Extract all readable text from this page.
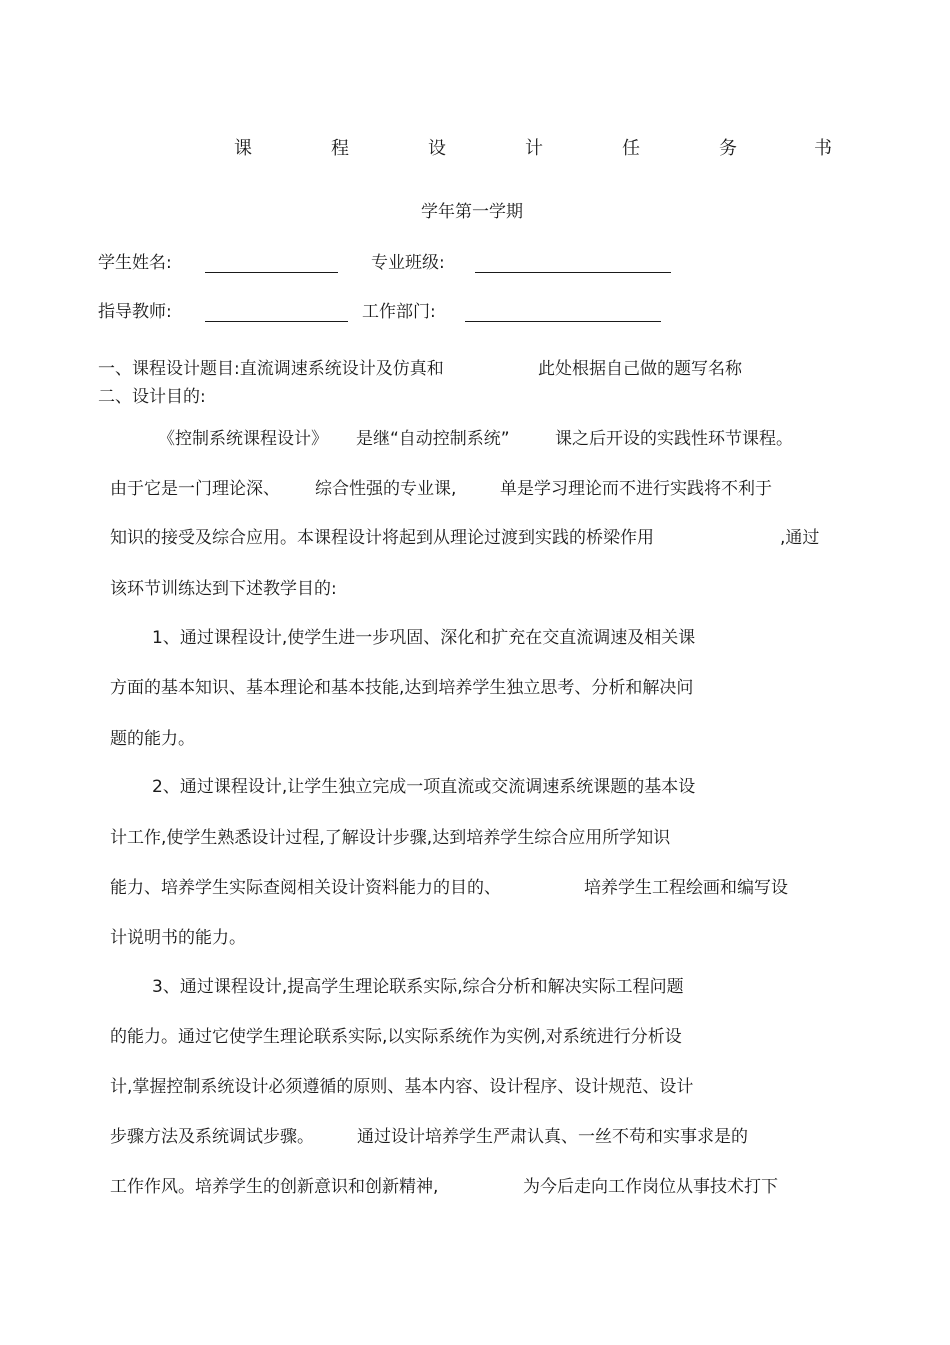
课	程	设	计	任	务	书
学年第一学期
学生姓名:	专业班级:
指导教师:	工作部门:
一、课程设计题目:直流调速系统设计及仿真和	此处根据自己做的题写名称
二、设计目的:
《控制系统课程设计》 是继“自动控制系统”	课之后开设的实践性环节课程。
由于它是一门理论深、 综合性强的专业课,	单是学习理论而不进行实践将不利于
知识的接受及综合应用。本课程设计将起到从理论过渡到实践的桥梁作用	,通过
该环节训练达到下述教学目的:
1、通过课程设计,使学生进一步巩固、深化和扩充在交直流调速及相关课
方面的基本知识、基本理论和基本技能,达到培养学生独立思考、分析和解决问
题的能力。
2、通过课程设计,让学生独立完成一项直流或交流调速系统课题的基本设
计工作,使学生熟悉设计过程,了解设计步骤,达到培养学生综合应用所学知识
能力、培养学生实际查阅相关设计资料能力的目的、	培养学生工程绘画和编写设
计说明书的能力。
3、通过课程设计,提高学生理论联系实际,综合分析和解决实际工程问题
的能力。通过它使学生理论联系实际,以实际系统作为实例,对系统进行分析设
计,掌握控制系统设计必须遵循的原则、基本内容、设计程序、设计规范、设计
步骤方法及系统调试步骤。	通过设计培养学生严肃认真、一丝不苟和实事求是的
工作作风。培养学生的创新意识和创新精神,	为今后走向工作岗位从事技术打下
